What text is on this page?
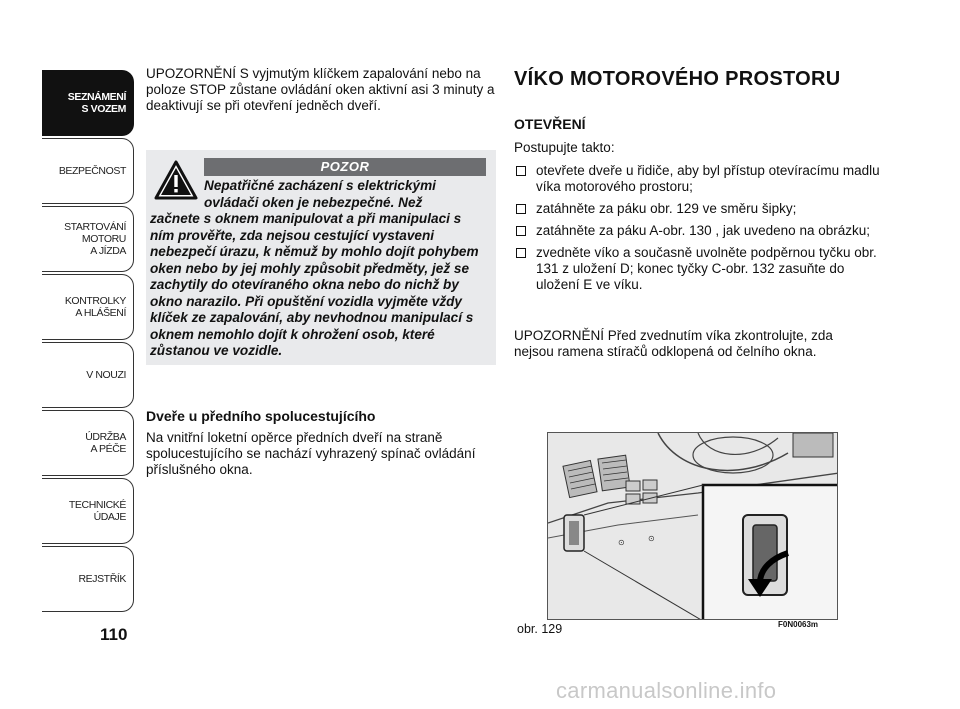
SEZNÁMENÍ
S VOZEM
BEZPEČNOST
STARTOVÁNÍ
MOTORU
A JÍZDA
KONTROLKY
A HLÁŠENÍ
V NOUZI
ÚDRŽBA
A PÉČE
TECHNICKÉ
ÚDAJE
REJSTŘÍK
110
UPOZORNĚNÍ S vyjmutým klíčkem zapalování nebo na poloze STOP zůstane ovládání oken aktivní asi 3 minuty a deaktivují se při otevření jedněch dveří.
POZOR
Nepatřičné zacházení s elektrickými
ovládači oken je nebezpečné. Než
začnete s oknem manipulovat a při manipulaci s ním prověřte, zda nejsou cestující vystaveni nebezpečí úrazu, k němuž by mohlo dojít pohybem oken nebo by jej mohly způsobit předměty, jež se zachytily do otevíraného okna nebo do nichž by okno narazilo. Při opuštění vozidla vyjměte vždy klíček ze zapalování, aby nevhodnou manipulací s oknem nemohlo dojít k ohrožení osob, které zůstanou ve vozidle.
Dveře u předního spolucestujícího
Na vnitřní loketní opěrce předních dveří na straně spolucestujícího se nachází vyhrazený spínač ovládání příslušného okna.
VÍKO MOTOROVÉHO PROSTORU
OTEVŘENÍ
Postupujte takto:
otevřete dveře u řidiče, aby byl přístup otevíracímu madlu víka motorového prostoru;
zatáhněte za páku obr. 129 ve směru šipky;
zatáhněte za páku A-obr. 130 , jak uvedeno na obrázku;
zvedněte víko a současně uvolněte podpěrnou tyčku obr. 131 z uložení D; konec tyčky C-obr. 132 zasuňte do uložení E ve víku.
UPOZORNĚNÍ Před zvednutím víka zkontrolujte, zda nejsou ramena stíračů odklopená od čelního okna.
⊙	⊙
obr. 129	F0N0063m
carmanualsonline.info
